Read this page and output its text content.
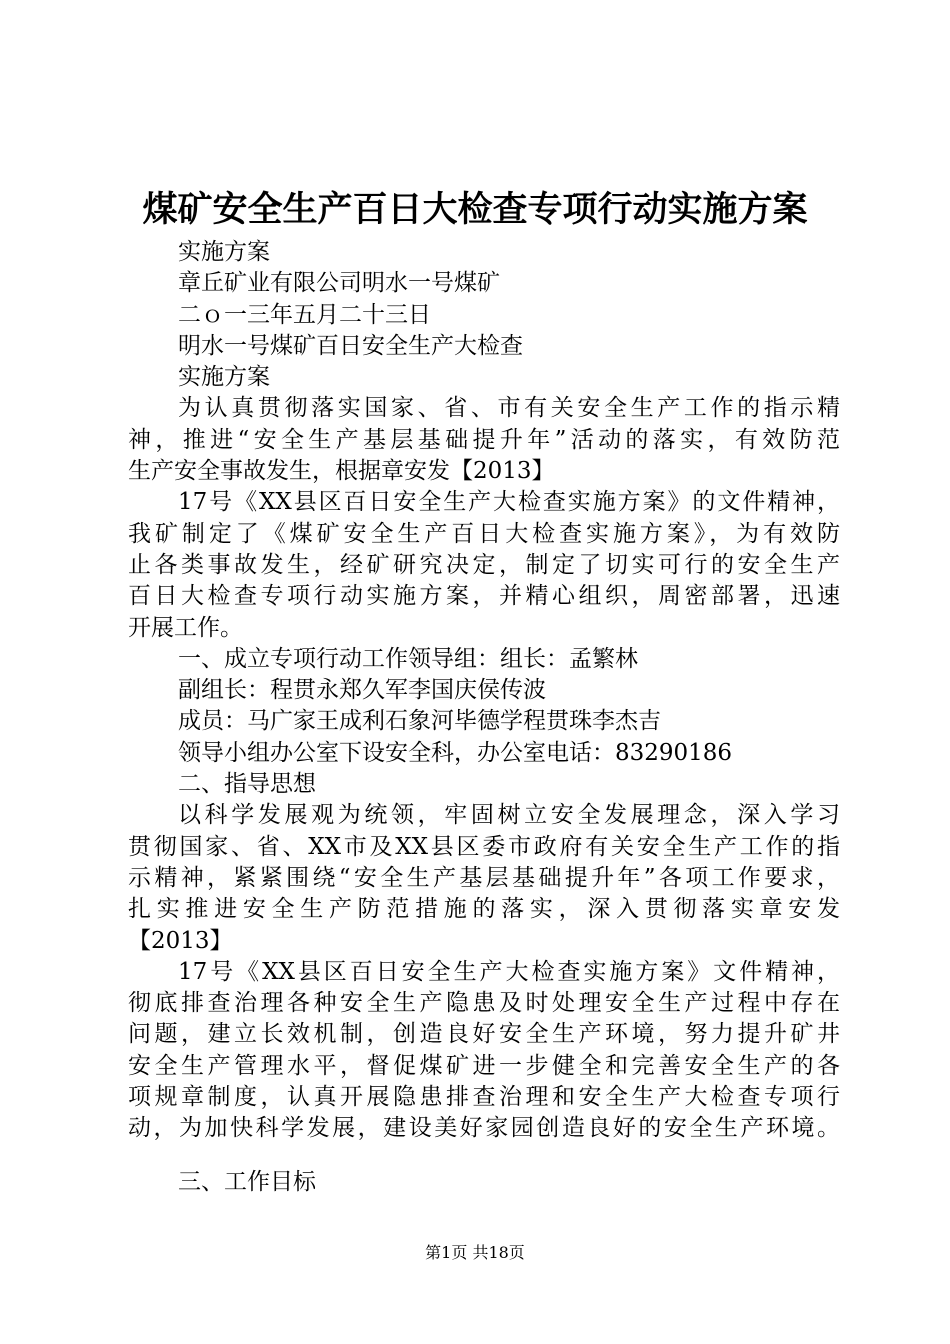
煤矿安全生产百日大检查专项行动实施方案
实施方案
章丘矿业有限公司明水一号煤矿
二ｏ一三年五月二十三日
明水一号煤矿百日安全生产大检查
实施方案
为认真贯彻落实国家、省、市有关安全生产工作的指示精
神，推进“安全生产基层基础提升年”活动的落实，有效防范
生产安全事故发生，根据章安发【2013】
17号《XX县区百日安全生产大检查实施方案》的文件精神，
我矿制定了《煤矿安全生产百日大检查实施方案》，为有效防
止各类事故发生，经矿研究决定，制定了切实可行的安全生产
百日大检查专项行动实施方案，并精心组织，周密部署，迅速
开展工作。
一、成立专项行动工作领导组：组长：孟繁林
副组长：程贯永郑久军李国庆侯传波
成员：马广家王成利石象河毕德学程贯珠李杰吉
领导小组办公室下设安全科，办公室电话：83290186
二、指导思想
以科学发展观为统领，牢固树立安全发展理念，深入学习
贯彻国家、省、XX市及XX县区委市政府有关安全生产工作的指
示精神，紧紧围绕“安全生产基层基础提升年”各项工作要求，
扎实推进安全生产防范措施的落实，深入贯彻落实章安发
【2013】
17号《XX县区百日安全生产大检查实施方案》文件精神，
彻底排查治理各种安全生产隐患及时处理安全生产过程中存在
问题，建立长效机制，创造良好安全生产环境，努力提升矿井
安全生产管理水平，督促煤矿进一步健全和完善安全生产的各
项规章制度，认真开展隐患排查治理和安全生产大检查专项行
动，为加快科学发展，建设美好家园创造良好的安全生产环境。
三、工作目标
第1页 共18页
